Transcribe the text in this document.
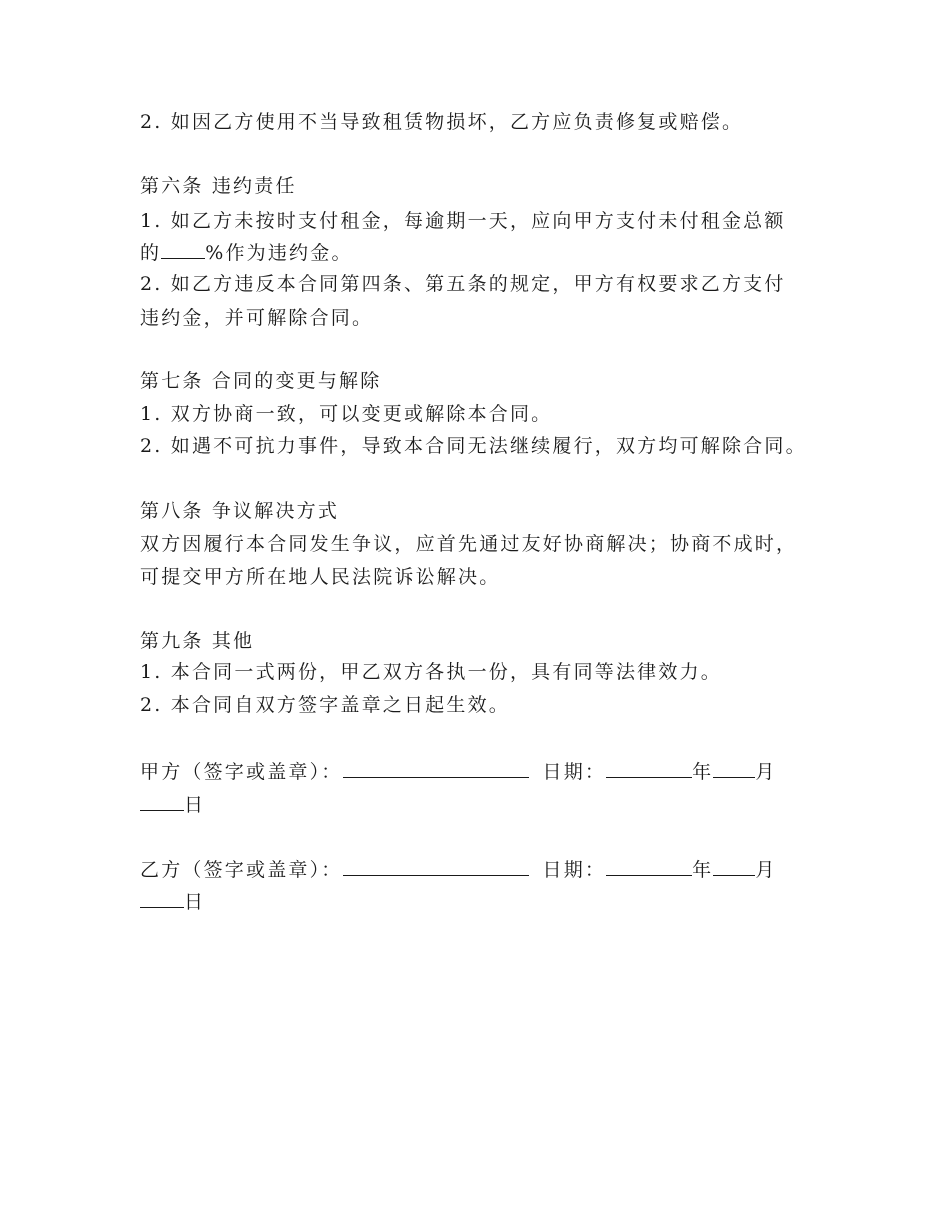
2. 如因乙方使用不当导致租赁物损坏，乙方应负责修复或赔偿。
第六条 违约责任
1. 如乙方未按时支付租金，每逾期一天，应向甲方支付未付租金总额
的 %作为违约金。
2. 如乙方违反本合同第四条、第五条的规定，甲方有权要求乙方支付
违约金，并可解除合同。
第七条 合同的变更与解除
1. 双方协商一致，可以变更或解除本合同。
2. 如遇不可抗力事件，导致本合同无法继续履行，双方均可解除合同。
第八条 争议解决方式
双方因履行本合同发生争议，应首先通过友好协商解决；协商不成时，
可提交甲方所在地人民法院诉讼解决。
第九条 其他
1. 本合同一式两份，甲乙双方各执一份，具有同等法律效力。
2. 本合同自双方签字盖章之日起生效。
甲方（签字或盖章）：	日期：	年 月
日
乙方（签字或盖章）：	日期：	年 月
日
